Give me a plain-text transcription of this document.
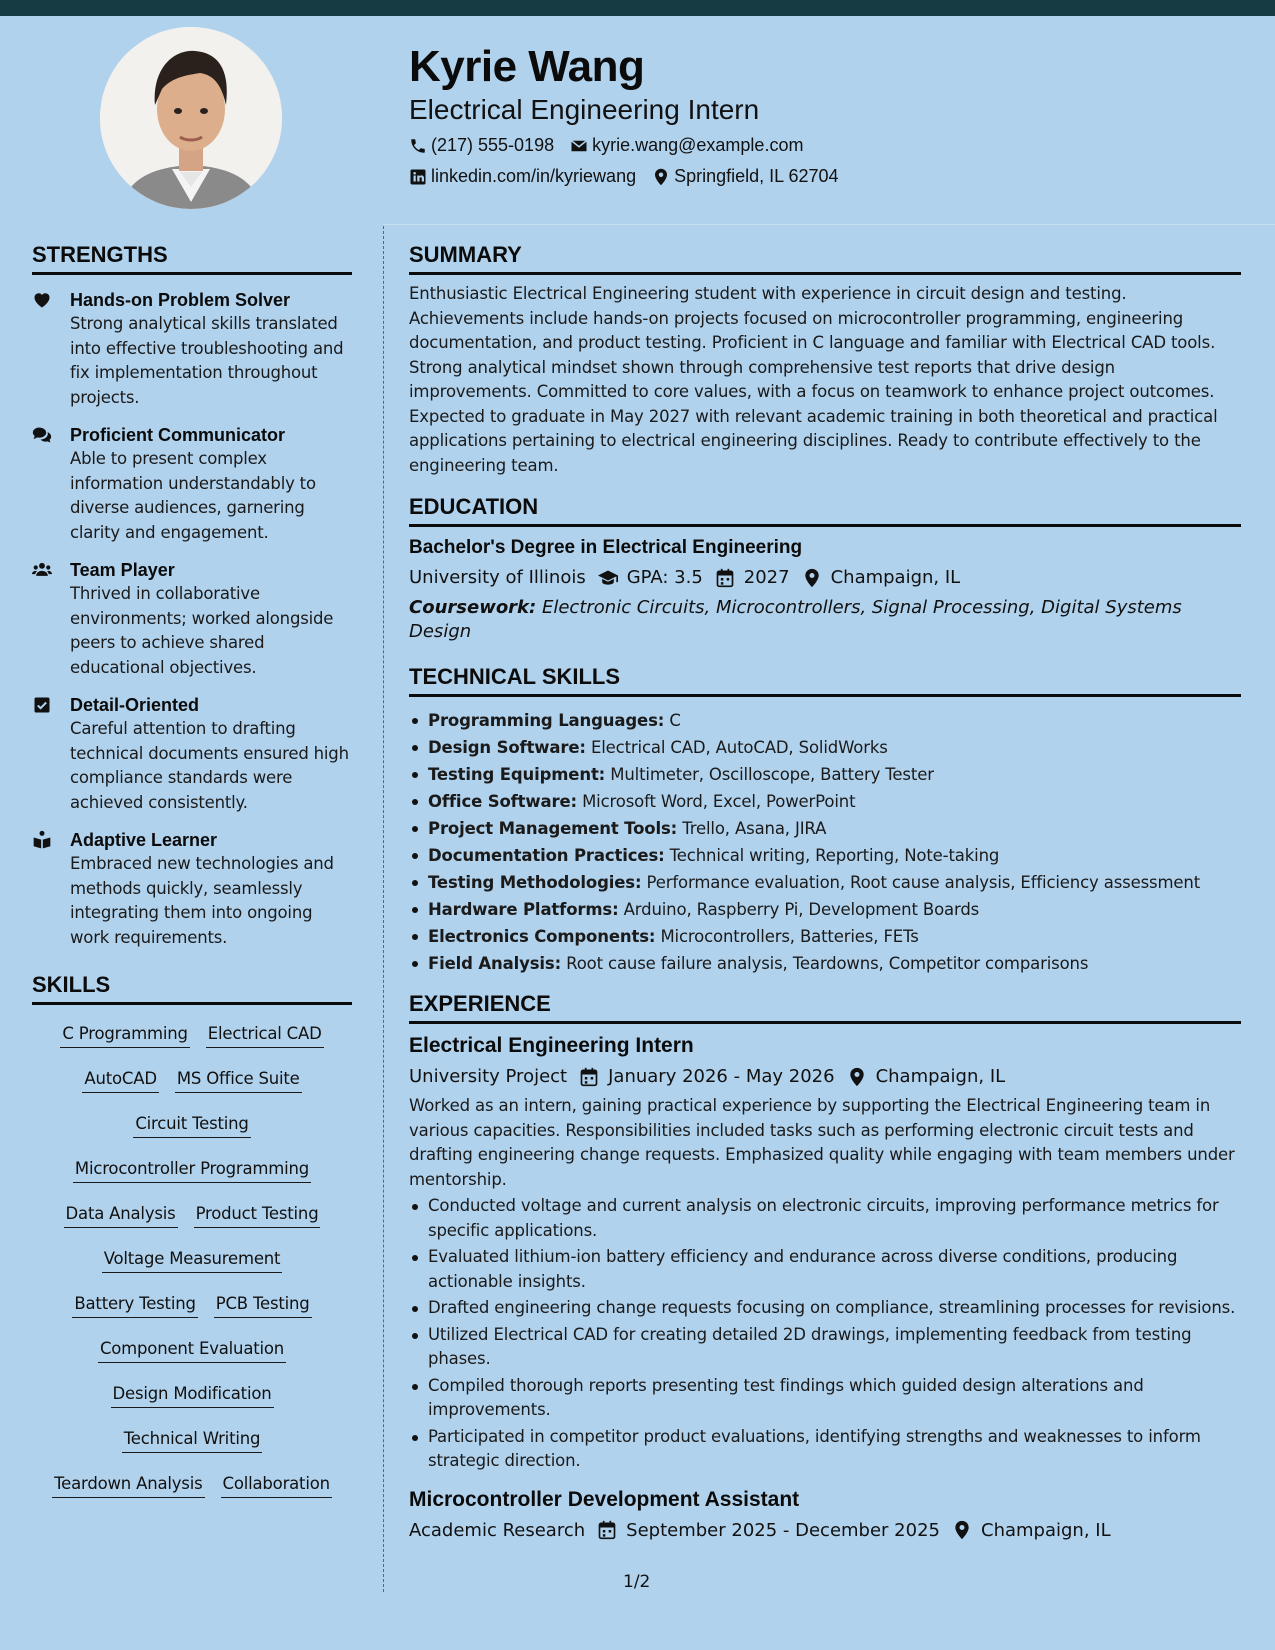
Kyrie Wang
Electrical Engineering Intern
(217) 555-0198 kyrie.wang@example.com
linkedin.com/in/kyriewang Springfield, IL 62704
STRENGTHS
Hands-on Problem Solver
Strong analytical skills translated into effective troubleshooting and fix implementation throughout projects.
Proficient Communicator
Able to present complex information understandably to diverse audiences, garnering clarity and engagement.
Team Player
Thrived in collaborative environments; worked alongside peers to achieve shared educational objectives.
Detail-Oriented
Careful attention to drafting technical documents ensured high compliance standards were achieved consistently.
Adaptive Learner
Embraced new technologies and methods quickly, seamlessly integrating them into ongoing work requirements.
SKILLS
C Programming Electrical CAD
AutoCAD MS Office Suite
Circuit Testing
Microcontroller Programming
Data Analysis Product Testing
Voltage Measurement
Battery Testing PCB Testing
Component Evaluation
Design Modification
Technical Writing
Teardown Analysis Collaboration
SUMMARY
Enthusiastic Electrical Engineering student with experience in circuit design and testing. Achievements include hands-on projects focused on microcontroller programming, engineering documentation, and product testing. Proficient in C language and familiar with Electrical CAD tools. Strong analytical mindset shown through comprehensive test reports that drive design improvements. Committed to core values, with a focus on teamwork to enhance project outcomes. Expected to graduate in May 2027 with relevant academic training in both theoretical and practical applications pertaining to electrical engineering disciplines. Ready to contribute effectively to the engineering team.
EDUCATION
Bachelor's Degree in Electrical Engineering
University of Illinois GPA: 3.5 2027 Champaign, IL
Coursework: Electronic Circuits, Microcontrollers, Signal Processing, Digital Systems Design
TECHNICAL SKILLS
Programming Languages: C
Design Software: Electrical CAD, AutoCAD, SolidWorks
Testing Equipment: Multimeter, Oscilloscope, Battery Tester
Office Software: Microsoft Word, Excel, PowerPoint
Project Management Tools: Trello, Asana, JIRA
Documentation Practices: Technical writing, Reporting, Note-taking
Testing Methodologies: Performance evaluation, Root cause analysis, Efficiency assessment
Hardware Platforms: Arduino, Raspberry Pi, Development Boards
Electronics Components: Microcontrollers, Batteries, FETs
Field Analysis: Root cause failure analysis, Teardowns, Competitor comparisons
EXPERIENCE
Electrical Engineering Intern
University Project January 2026 - May 2026 Champaign, IL
Worked as an intern, gaining practical experience by supporting the Electrical Engineering team in various capacities. Responsibilities included tasks such as performing electronic circuit tests and drafting engineering change requests. Emphasized quality while engaging with team members under mentorship.
Conducted voltage and current analysis on electronic circuits, improving performance metrics for specific applications.
Evaluated lithium-ion battery efficiency and endurance across diverse conditions, producing actionable insights.
Drafted engineering change requests focusing on compliance, streamlining processes for revisions.
Utilized Electrical CAD for creating detailed 2D drawings, implementing feedback from testing phases.
Compiled thorough reports presenting test findings which guided design alterations and improvements.
Participated in competitor product evaluations, identifying strengths and weaknesses to inform strategic direction.
Microcontroller Development Assistant
Academic Research September 2025 - December 2025 Champaign, IL
1/2
